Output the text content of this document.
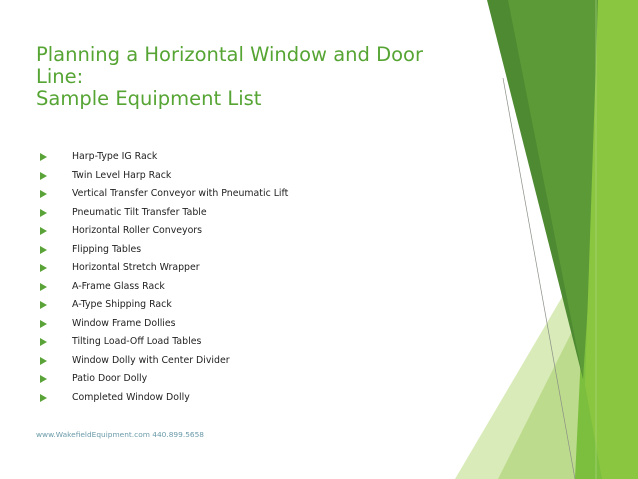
Planning a Horizontal Window and Door
Line:
Sample Equipment List
Harp-Type IG Rack
Twin Level Harp Rack
Vertical Transfer Conveyor with Pneumatic Lift
Pneumatic Tilt Transfer Table
Horizontal Roller Conveyors
Flipping Tables
Horizontal Stretch Wrapper
A-Frame Glass Rack
A-Type Shipping Rack
Window Frame Dollies
Tilting Load-Off Load Tables
Window Dolly with Center Divider
Patio Door Dolly
Completed Window Dolly
www.WakefieldEquipment.com 440.899.5658
